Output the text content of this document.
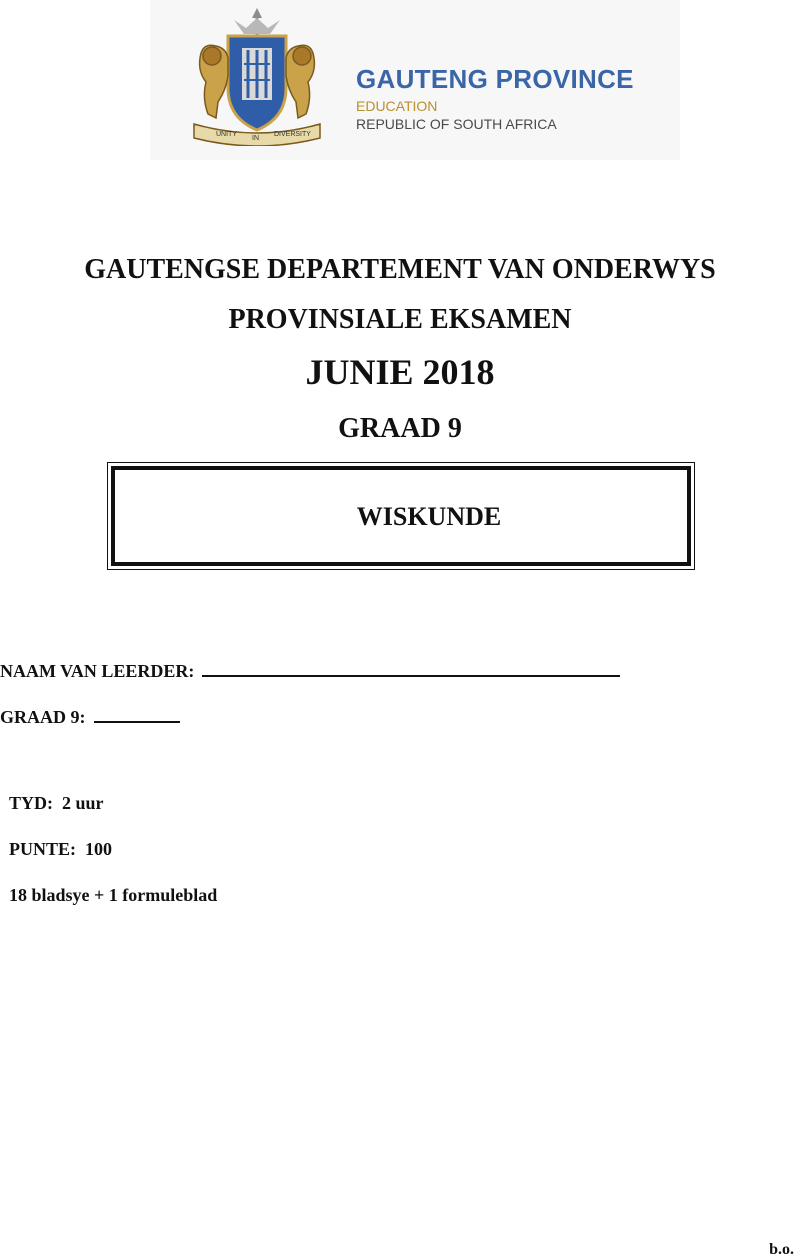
UNITY
IN
DIVERSITY
GAUTENG PROVINCE
EDUCATION
REPUBLIC OF SOUTH AFRICA
GAUTENGSE DEPARTEMENT VAN ONDERWYS
PROVINSIALE EKSAMEN
JUNIE 2018
GRAAD 9
WISKUNDE
NAAM VAN LEERDER:
GRAAD 9:
TYD:  2 uur
PUNTE:  100
18 bladsye + 1 formuleblad
b.o.
